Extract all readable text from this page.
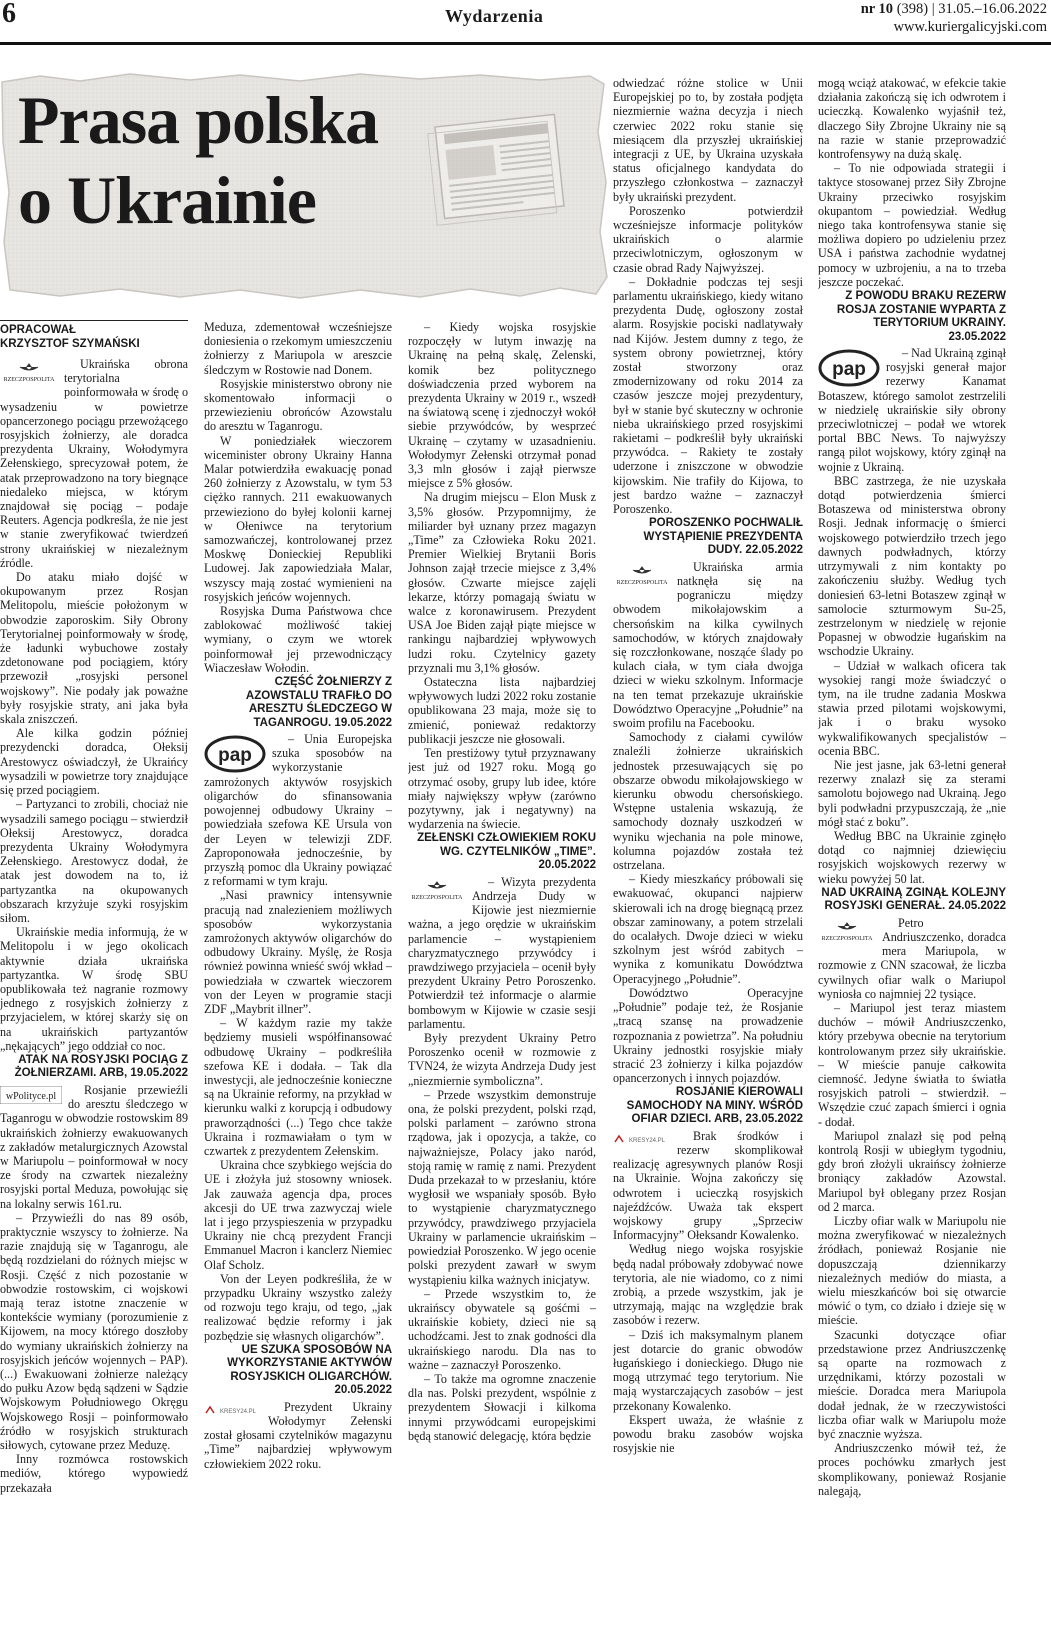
6	Wydarzenia	nr 10 (398) | 31.05.–16.06.2022
www.kuriergalicyjski.com
Prasa polska
o Ukrainie
OPRACOWAŁ
KRZYSZTOF SZYMAŃSKI
RZECZPOSPOLITA

Ukraińska obrona terytorialna poinformowała w środę o wysadzeniu w powietrze opancerzonego pociągu przewożącego rosyjskich żołnierzy, ale doradca prezydenta Ukrainy, Wołodymyra Zełenskiego, sprecyzował potem, że atak przeprowadzono na tory biegnące niedaleko miejsca, w którym znajdował się pociąg – podaje Reuters. Agencja podkreśla, że nie jest w stanie zweryfikować twierdzeń strony ukraińskiej w niezależnym źródle.

Do ataku miało dojść w okupowanym przez Rosjan Melitopolu, mieście położonym w obwodzie zaporoskim. Siły Obrony Terytorialnej poinformowały w środę, że ładunki wybuchowe zostały zdetonowane pod pociągiem, który przewoził „rosyjski personel wojskowy”. Nie podały jak poważne były rosyjskie straty, ani jaka była skala zniszczeń.

Ale kilka godzin później prezydencki doradca, Ołeksij Arestowycz oświadczył, że Ukraińcy wysadzili w powietrze tory znajdujące się przed pociągiem.

– Partyzanci to zrobili, chociaż nie wysadzili samego pociągu – stwierdził Ołeksij Arestowycz, doradca prezydenta Ukrainy Wołodymyra Zełenskiego. Arestowycz dodał, że atak jest dowodem na to, iż partyzantka na okupowanych obszarach krzyżuje szyki rosyjskim siłom.

Ukraińskie media informują, że w Melitopolu i w jego okolicach aktywnie działa ukraińska partyzantka. W środę SBU opublikowała też nagranie rozmowy jednego z rosyjskich żołnierzy z przyjacielem, w której skarży się on na ukraińskich partyzantów „nękających” jego oddział co noc.

ATAK NA ROSYJSKI POCIĄG Z ŻOŁNIERZAMI. ARB, 19.05.2022
wPolityce.pl	Rosjanie przewieźli do aresztu śledczego w Taganrogu w obwodzie rostowskim 89 ukraińskich żołnierzy ewakuowanych z zakładów metalurgicznych Azowstal w Mariupolu – poinformował w nocy ze środy na czwartek niezależny rosyjski portal Meduza, powołując się na lokalny serwis 161.ru.

– Przywieźli do nas 89 osób, praktycznie wszyscy to żołnierze. Na razie znajdują się w Taganrogu, ale będą rozdzielani do różnych miejsc w Rosji. Część z nich pozostanie w obwodzie rostowskim, ci wojskowi mają teraz istotne znaczenie w kontekście wymiany (porozumienie z Kijowem, na mocy którego doszłoby do wymiany ukraińskich żołnierzy na rosyjskich jeńców wojennych – PAP). (...) Ewakuowani żołnierze należący do pułku Azow będą sądzeni w Sądzie Wojskowym Południowego Okręgu Wojskowego Rosji – poinformowało źródło w rosyjskich strukturach siłowych, cytowane przez Meduzę.

Inny rozmówca rostowskich mediów, którego wypowiedź przekazała

Meduza, zdementował wcześniejsze doniesienia o rzekomym umieszczeniu żołnierzy z Mariupola w areszcie śledczym w Rostowie nad Donem.

Rosyjskie ministerstwo obrony nie skomentowało informacji o przewiezieniu obrońców Azowstalu do aresztu w Taganrogu.

W poniedziałek wieczorem wiceminister obrony Ukrainy Hanna Malar potwierdziła ewakuację ponad 260 żołnierzy z Azowstalu, w tym 53 ciężko rannych. 211 ewakuowanych przewieziono do byłej kolonii karnej w Ołeniwce na terytorium samozwańczej, kontrolowanej przez Moskwę Donieckiej Republiki Ludowej. Jak zapowiedziała Malar, wszyscy mają zostać wymienieni na rosyjskich jeńców wojennych.

Rosyjska Duma Państwowa chce zablokować możliwość takiej wymiany, o czym we wtorek poinformował jej przewodniczący Wiaczesław Wołodin.

CZĘŚĆ ŻOŁNIERZY Z AZOWSTALU TRAFIŁO DO ARESZTU ŚLEDCZEGO W TAGANROGU. 19.05.2022
pap

– Unia Europejska szuka sposobów na wykorzystanie zamrożonych aktywów rosyjskich oligarchów do sfinansowania powojennej odbudowy Ukrainy – powiedziała szefowa KE Ursula von der Leyen w telewizji ZDF. Zaproponowała jednocześnie, by przyszłą pomoc dla Ukrainy powiązać z reformami w tym kraju.

„Nasi prawnicy intensywnie pracują nad znalezieniem możliwych sposobów wykorzystania zamrożonych aktywów oligarchów do odbudowy Ukrainy. Myślę, że Rosja również powinna wnieść swój wkład – powiedziała w czwartek wieczorem von der Leyen w programie stacji ZDF „Maybrit illner”.

– W każdym razie my także będziemy musieli współfinansować odbudowę Ukrainy – podkreśliła szefowa KE i dodała. – Tak dla inwestycji, ale jednocześnie konieczne są na Ukrainie reformy, na przykład w kierunku walki z korupcją i odbudowy praworządności (...) Tego chce także Ukraina i rozmawiałam o tym w czwartek z prezydentem Zełenskim.

Ukraina chce szybkiego wejścia do UE i złożyła już stosowny wniosek. Jak zauważa agencja dpa, proces akcesji do UE trwa zazwyczaj wiele lat i jego przyspieszenia w przypadku Ukrainy nie chcą prezydent Francji Emmanuel Macron i kanclerz Niemiec Olaf Scholz.

Von der Leyen podkreśliła, że w przypadku Ukrainy wszystko zależy od rozwoju tego kraju, od tego, „jak realizować będzie reformy i jak pozbędzie się własnych oligarchów”.

UE SZUKA SPOSOBÓW NA WYKORZYSTANIE AKTYWÓW ROSYJSKICH OLIGARCHÓW. 20.05.2022
KRESY24.PL	Prezydent Ukrainy Wołodymyr Zełenski został głosami czytelników magazynu „Time” najbardziej wpływowym człowiekiem 2022 roku.

– Kiedy wojska rosyjskie rozpoczęły w lutym inwazję na Ukrainę na pełną skalę, Zelenski, komik bez politycznego doświadczenia przed wyborem na prezydenta Ukrainy w 2019 r., wszedł na światową scenę i zjednoczył wokół siebie przywódców, by wesprzeć Ukrainę – czytamy w uzasadnieniu. Wołodymyr Zełenski otrzymał ponad 3,3 mln głosów i zajął pierwsze miejsce z 5% głosów.

Na drugim miejscu – Elon Musk z 3,5% głosów. Przypomnijmy, że miliarder był uznany przez magazyn „Time” za Człowieka Roku 2021. Premier Wielkiej Brytanii Boris Johnson zajął trzecie miejsce z 3,4% głosów. Czwarte miejsce zajęli lekarze, którzy pomagają światu w walce z koronawirusem. Prezydent USA Joe Biden zajął piąte miejsce w rankingu najbardziej wpływowych ludzi roku. Czytelnicy gazety przyznali mu 3,1% głosów.

Ostateczna lista najbardziej wpływowych ludzi 2022 roku zostanie opublikowana 23 maja, może się to zmienić, ponieważ redaktorzy publikacji jeszcze nie głosowali.

Ten prestiżowy tytuł przyznawany jest już od 1927 roku. Mogą go otrzymać osoby, grupy lub idee, które miały największy wpływ (zarówno pozytywny, jak i negatywny) na wydarzenia na świecie.

ZEŁENSKI CZŁOWIEKIEM ROKU WG. CZYTELNIKÓW „TIME”. 20.05.2022
RZECZPOSPOLITA

– Wizyta prezydenta Andrzeja Dudy w Kijowie jest niezmiernie ważna, a jego orędzie w ukraińskim parlamencie – wystąpieniem charyzmatycznego przywódcy i prawdziwego przyjaciela – ocenił były prezydent Ukrainy Petro Poroszenko. Potwierdził też informacje o alarmie bombowym w Kijowie w czasie sesji parlamentu.

Były prezydent Ukrainy Petro Poroszenko ocenił w rozmowie z TVN24, że wizyta Andrzeja Dudy jest „niezmiernie symboliczna”.

– Przede wszystkim demonstruje ona, że polski prezydent, polski rząd, polski parlament – zarówno strona rządowa, jak i opozycja, a także, co najważniejsze, Polacy jako naród, stoją ramię w ramię z nami. Prezydent Duda przekazał to w przesłaniu, które wygłosił we wspaniały sposób. Było to wystąpienie charyzmatycznego przywódcy, prawdziwego przyjaciela Ukrainy w parlamencie ukraińskim – powiedział Poroszenko. W jego ocenie polski prezydent zawarł w swym wystąpieniu kilka ważnych inicjatyw.

– Przede wszystkim to, że ukraińscy obywatele są gośćmi – ukraińskie kobiety, dzieci nie są uchodźcami. Jest to znak godności dla ukraińskiego narodu. Dla nas to ważne – zaznaczył Poroszenko.

– To także ma ogromne znaczenie dla nas. Polski prezydent, wspólnie z prezydentem Słowacji i kilkoma innymi przywódcami europejskimi będą stanowić delegację, która będzie

odwiedzać różne stolice w Unii Europejskiej po to, by została podjęta niezmiernie ważna decyzja i niech czerwiec 2022 roku stanie się miesiącem dla przyszłej ukraińskiej integracji z UE, by Ukraina uzyskała status oficjalnego kandydata do przyszłego członkostwa – zaznaczył były ukraiński prezydent.

Poroszenko potwierdził wcześniejsze informacje polityków ukraińskich o alarmie przeciwlotniczym, ogłoszonym w czasie obrad Rady Najwyższej.

– Dokładnie podczas tej sesji parlamentu ukraińskiego, kiedy witano prezydenta Dudę, ogłoszony został alarm. Rosyjskie pociski nadlatywały nad Kijów. Jestem dumny z tego, że system obrony powietrznej, który został stworzony oraz zmodernizowany od roku 2014 za czasów jeszcze mojej prezydentury, był w stanie być skuteczny w ochronie nieba ukraińskiego przed rosyjskimi rakietami – podkreślił były ukraiński przywódca. – Rakiety te zostały uderzone i zniszczone w obwodzie kijowskim. Nie trafiły do Kijowa, to jest bardzo ważne – zaznaczył Poroszenko.

POROSZENKO POCHWALIŁ WYSTĄPIENIE PREZYDENTA DUDY. 22.05.2022
RZECZPOSPOLITA

Ukraińska armia natknęła się na pograniczu między obwodem mikołajowskim a chersońskim na kilka cywilnych samochodów, w których znajdowały się rozczłonkowane, nosząće ślady po kulach ciała, w tym ciała dwojga dzieci w wieku szkolnym. Informacje na ten temat przekazuje ukraińskie Dowództwo Operacyjne „Południe” na swoim profilu na Facebooku.

Samochody z ciałami cywilów znaleźli żołnierze ukraińskich jednostek przesuwających się po obszarze obwodu mikołajowskiego w kierunku obwodu chersońskiego. Wstępne ustalenia wskazują, że samochody doznały uszkodzeń w wyniku wjechania na pole minowe, kolumna pojazdów została też ostrzelana.

– Kiedy mieszkańcy próbowali się ewakuować, okupanci najpierw skierowali ich na drogę biegnącą przez obszar zaminowany, a potem strzelali do ocalałych. Dwoje dzieci w wieku szkolnym jest wśród zabitych – wynika z komunikatu Dowództwa Operacyjnego „Południe”.

Dowództwo Operacyjne „Południe” podaje też, że Rosjanie „tracą szansę na prowadzenie rozpoznania z powietrza”. Na południu Ukrainy jednostki rosyjskie miały stracić 23 żołnierzy i kilka pojazdów opancerzonych i innych pojazdów.

ROSJANIE KIEROWALI SAMOCHODY NA MINY. WŚRÓD OFIAR DZIECI. ARB, 23.05.2022
KRESY24.PL	Brak środków i rezerw skomplikował realizację agresywnych planów Rosji na Ukrainie. Wojna zakończy się odwrotem i ucieczką rosyjskich najeźdźców. Uważa tak ekspert wojskowy grupy „Sprzeciw Informacyjny” Ołeksandr Kowalenko.

Według niego wojska rosyjskie będą nadal próbowały zdobywać nowe terytoria, ale nie wiadomo, co z nimi zrobią, a przede wszystkim, jak je utrzymają, mając na względzie brak zasobów i rezerw.

– Dziś ich maksymalnym planem jest dotarcie do granic obwodów ługańskiego i donieckiego. Długo nie mogą utrzymać tego terytorium. Nie mają wystarczających zasobów – jest przekonany Kowalenko.

Ekspert uważa, że właśnie z powodu braku zasobów wojska rosyjskie nie

mogą wciąż atakować, w efekcie takie działania zakończą się ich odwrotem i ucieczką. Kowalenko wyjaśnił też, dlaczego Siły Zbrojne Ukrainy nie są na razie w stanie przeprowadzić kontrofensywy na dużą skalę.

– To nie odpowiada strategii i taktyce stosowanej przez Siły Zbrojne Ukrainy przeciwko rosyjskim okupantom – powiedział. Według niego taka kontrofensywa stanie się możliwa dopiero po udzieleniu przez USA i państwa zachodnie wydatnej pomocy w uzbrojeniu, a na to trzeba jeszcze poczekać.

Z POWODU BRAKU REZERW ROSJA ZOSTANIE WYPARTA Z TERYTORIUM UKRAINY. 23.05.2022
pap

– Nad Ukrainą zginął rosyjski generał major rezerwy Kanamat Botaszew, którego samolot zestrzelili w niedzielę ukraińskie siły obrony przeciwlotniczej – podał we wtorek portal BBC News. To najwyższy rangą pilot wojskowy, który zginął na wojnie z Ukrainą.

BBC zastrzega, że nie uzyskała dotąd potwierdzenia śmierci Botaszewa od ministerstwa obrony Rosji. Jednak informację o śmierci wojskowego potwierdziło trzech jego dawnych podwładnych, którzy utrzymywali z nim kontakty po zakończeniu służby. Według tych doniesień 63-letni Botaszew zginął w samolocie szturmowym Su-25, zestrzelonym w niedzielę w rejonie Popasnej w obwodzie ługańskim na wschodzie Ukrainy.

– Udział w walkach oficera tak wysokiej rangi może świadczyć o tym, na ile trudne zadania Moskwa stawia przed pilotami wojskowymi, jak i o braku wysoko wykwalifikowanych specjalistów – ocenia BBC.

Nie jest jasne, jak 63-letni generał rezerwy znalazł się za sterami samolotu bojowego nad Ukrainą. Jego byli podwładni przypuszczają, że „nie mógł stać z boku”.

Według BBC na Ukrainie zginęło dotąd co najmniej dziewięciu rosyjskich wojskowych rezerwy w wieku powyżej 50 lat.

NAD UKRAINĄ ZGINĄŁ KOLEJNY ROSYJSKI GENERAŁ. 24.05.2022
RZECZPOSPOLITA

Petro Andriuszczenko, doradca mera Mariupola, w rozmowie z CNN szacował, że liczba cywilnych ofiar walk o Mariupol wyniosła co najmniej 22 tysiące.

– Mariupol jest teraz miastem duchów – mówił Andriuszczenko, który przebywa obecnie na terytorium kontrolowanym przez siły ukraińskie. – W mieście panuje całkowita ciemność. Jedyne światła to światła rosyjskich patroli – stwierdził. – Wszędzie czuć zapach śmierci i ognia - dodał.

Mariupol znalazł się pod pełną kontrolą Rosji w ubiegłym tygodniu, gdy broń złożyli ukraińscy żołnierze broniący zakładów Azowstal. Mariupol był oblegany przez Rosjan od 2 marca.

Liczby ofiar walk w Mariupolu nie można zweryfikować w niezależnych źródłach, ponieważ Rosjanie nie dopuszczają dziennikarzy niezależnych mediów do miasta, a wielu mieszkańców boi się otwarcie mówić o tym, co działo i dzieje się w mieście.

Szacunki dotyczące ofiar przedstawione przez Andriuszczenkę są oparte na rozmowach z urzędnikami, którzy pozostali w mieście. Doradca mera Mariupola dodał jednak, że w rzeczywistości liczba ofiar walk w Mariupolu może być znacznie wyższa.

Andriuszczenko mówił też, że proces pochówku zmarłych jest skomplikowany, ponieważ Rosjanie nalegają,
